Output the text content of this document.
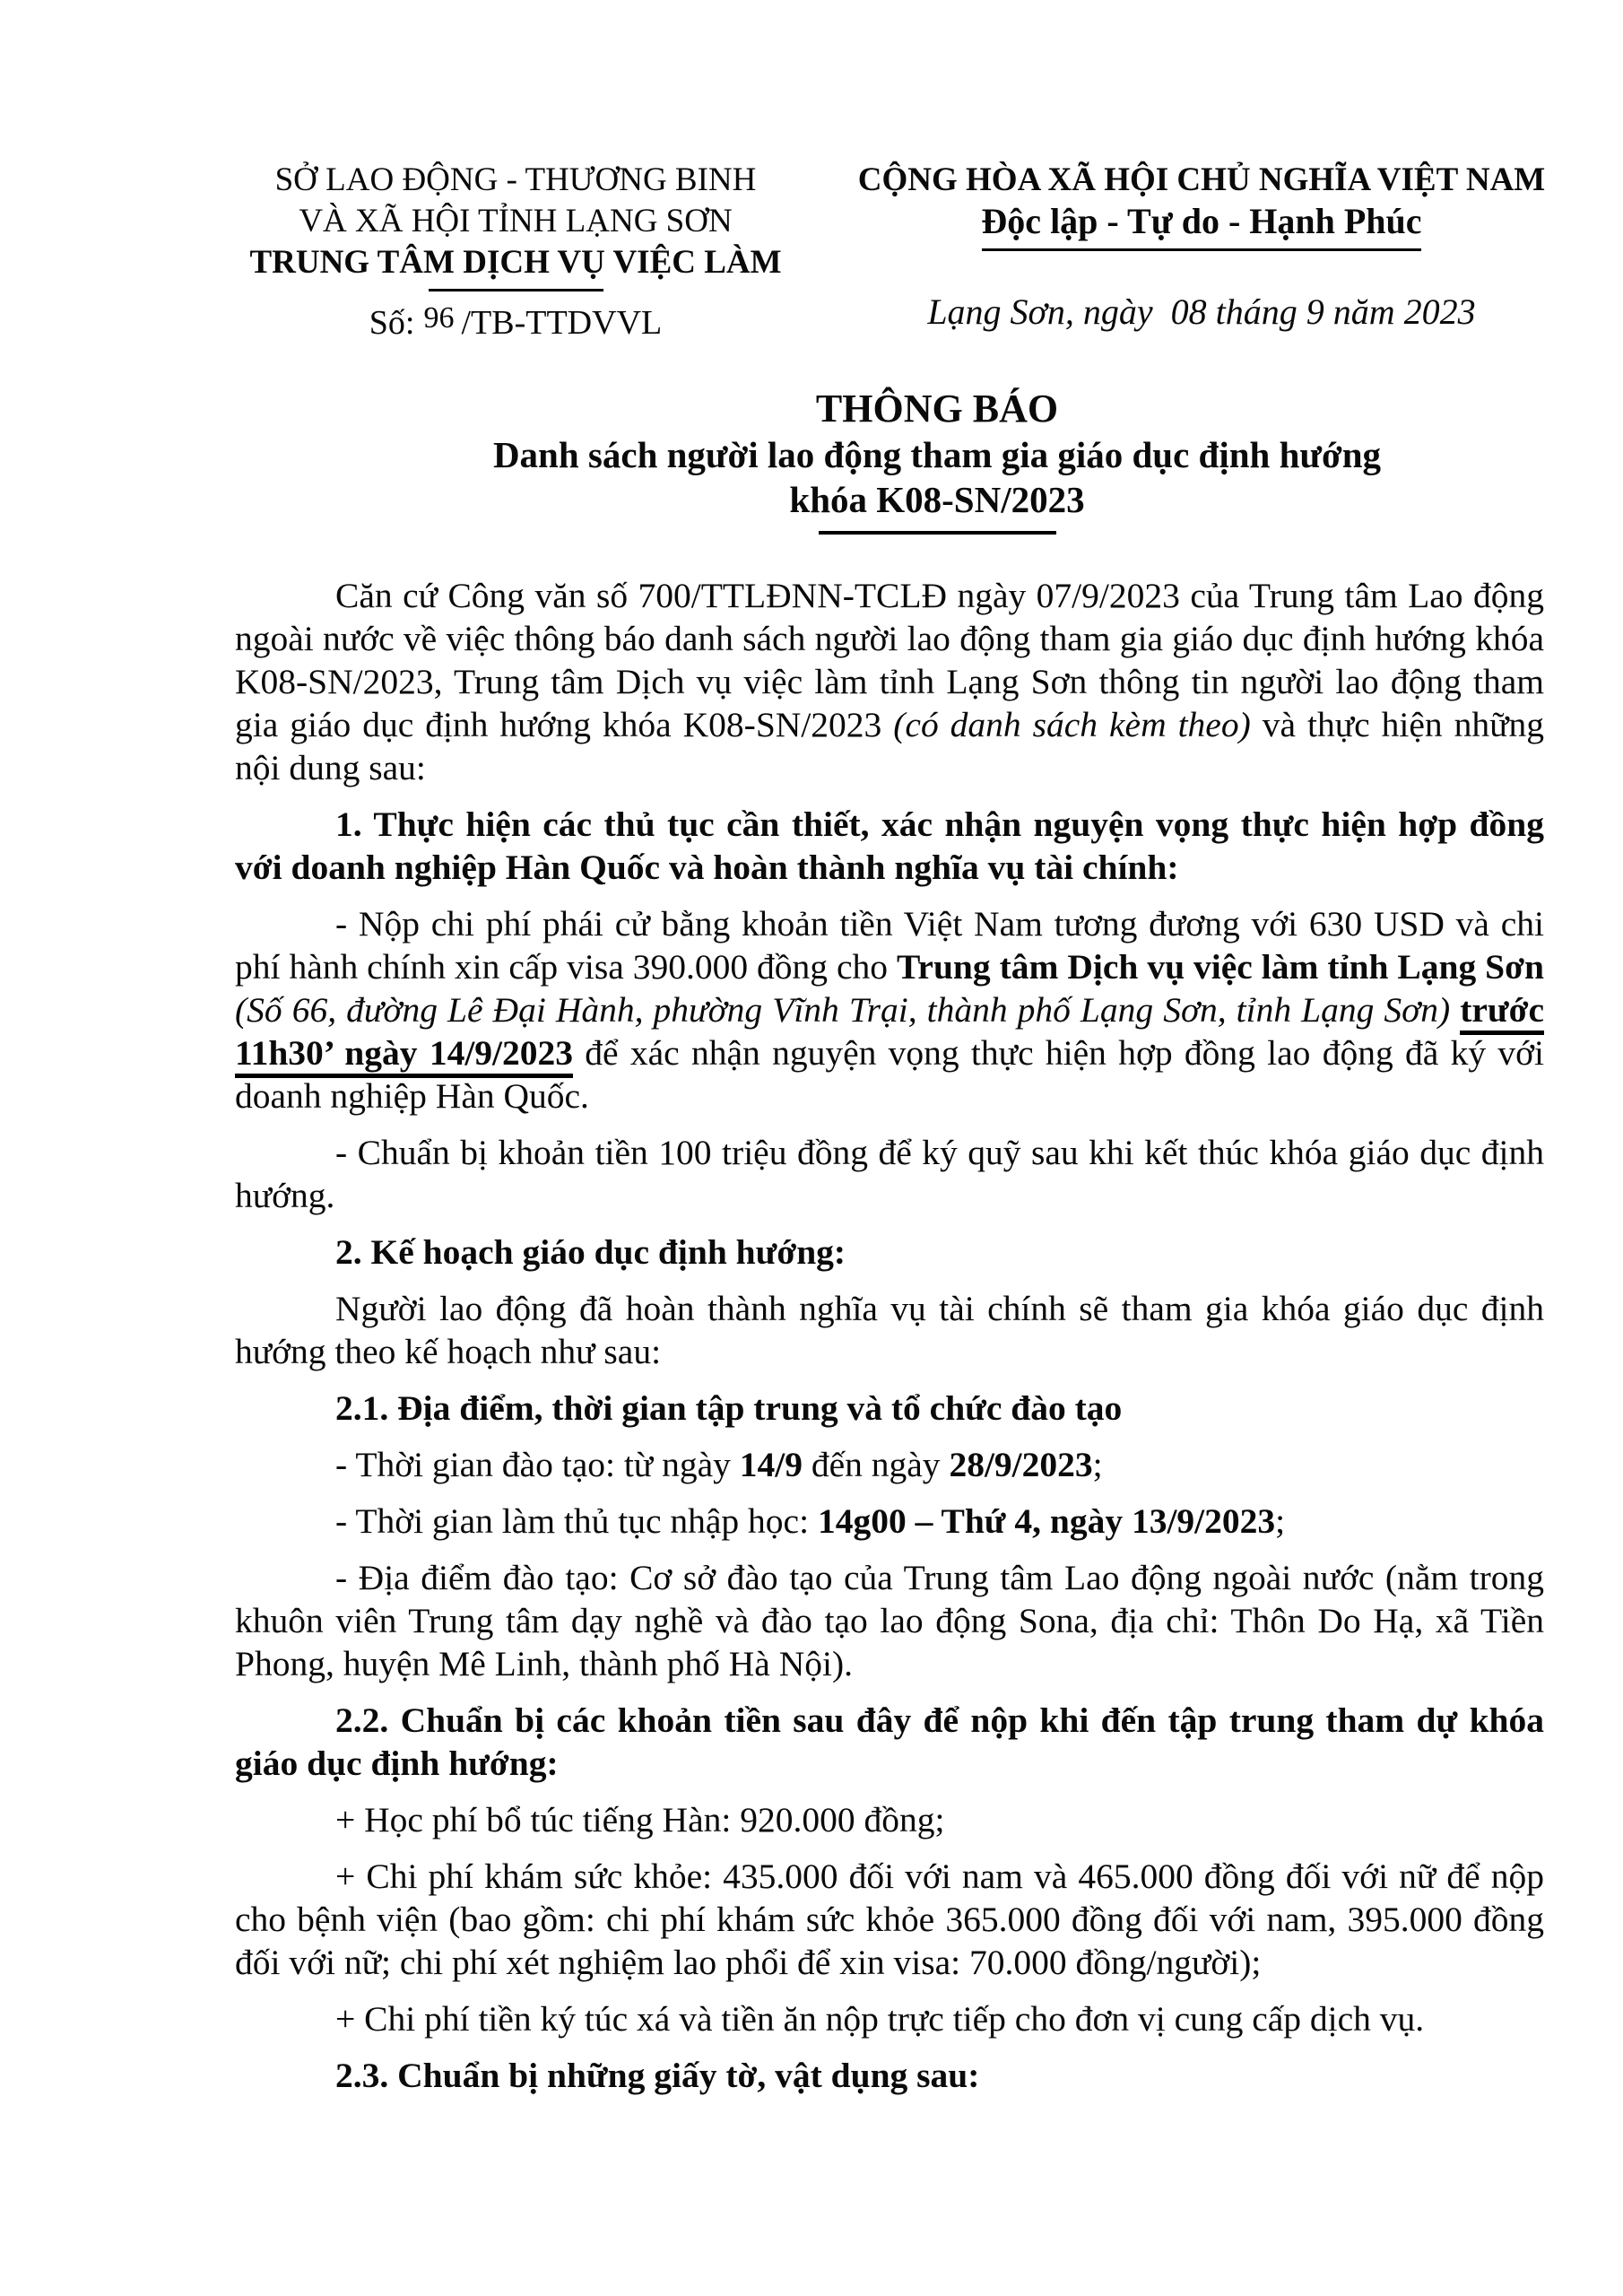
SỞ LAO ĐỘNG - THƯƠNG BINH
VÀ XÃ HỘI TỈNH LẠNG SƠN
TRUNG TÂM DỊCH VỤ VIỆC LÀM
Số: 96 /TB-TTDVVL
CỘNG HÒA XÃ HỘI CHỦ NGHĨA VIỆT NAM
Độc lập - Tự do - Hạnh Phúc
Lạng Sơn, ngày  08 tháng 9 năm 2023
THÔNG BÁO
Danh sách người lao động tham gia giáo dục định hướng
khóa K08-SN/2023

Căn cứ Công văn số 700/TTLĐNN-TCLĐ ngày 07/9/2023 của Trung tâm Lao động ngoài nước về việc thông báo danh sách người lao động tham gia giáo dục định hướng khóa K08-SN/2023, Trung tâm Dịch vụ việc làm tỉnh Lạng Sơn thông tin người lao động tham gia giáo dục định hướng khóa K08-SN/2023 (có danh sách kèm theo) và thực hiện những nội dung sau:

1. Thực hiện các thủ tục cần thiết, xác nhận nguyện vọng thực hiện hợp đồng với doanh nghiệp Hàn Quốc và hoàn thành nghĩa vụ tài chính:

- Nộp chi phí phái cử bằng khoản tiền Việt Nam tương đương với 630 USD và chi phí hành chính xin cấp visa 390.000 đồng cho Trung tâm Dịch vụ việc làm tỉnh Lạng Sơn (Số 66, đường Lê Đại Hành, phường Vĩnh Trại, thành phố Lạng Sơn, tỉnh Lạng Sơn) trước 11h30’ ngày 14/9/2023 để xác nhận nguyện vọng thực hiện hợp đồng lao động đã ký với doanh nghiệp Hàn Quốc.

- Chuẩn bị khoản tiền 100 triệu đồng để ký quỹ sau khi kết thúc khóa giáo dục định hướng.

2. Kế hoạch giáo dục định hướng:

Người lao động đã hoàn thành nghĩa vụ tài chính sẽ tham gia khóa giáo dục định hướng theo kế hoạch như sau:

2.1. Địa điểm, thời gian tập trung và tổ chức đào tạo

- Thời gian đào tạo: từ ngày 14/9 đến ngày 28/9/2023;

- Thời gian làm thủ tục nhập học: 14g00 – Thứ 4, ngày 13/9/2023;

- Địa điểm đào tạo: Cơ sở đào tạo của Trung tâm Lao động ngoài nước (nằm trong khuôn viên Trung tâm dạy nghề và đào tạo lao động Sona, địa chỉ: Thôn Do Hạ, xã Tiền Phong, huyện Mê Linh, thành phố Hà Nội).

2.2. Chuẩn bị các khoản tiền sau đây để nộp khi đến tập trung tham dự khóa giáo dục định hướng:

+ Học phí bổ túc tiếng Hàn: 920.000 đồng;

+ Chi phí khám sức khỏe: 435.000 đối với nam và 465.000 đồng đối với nữ để nộp cho bệnh viện (bao gồm: chi phí khám sức khỏe 365.000 đồng đối với nam, 395.000 đồng đối với nữ; chi phí xét nghiệm lao phổi để xin visa: 70.000 đồng/người);

+ Chi phí tiền ký túc xá và tiền ăn nộp trực tiếp cho đơn vị cung cấp dịch vụ.

2.3. Chuẩn bị những giấy tờ, vật dụng sau:
